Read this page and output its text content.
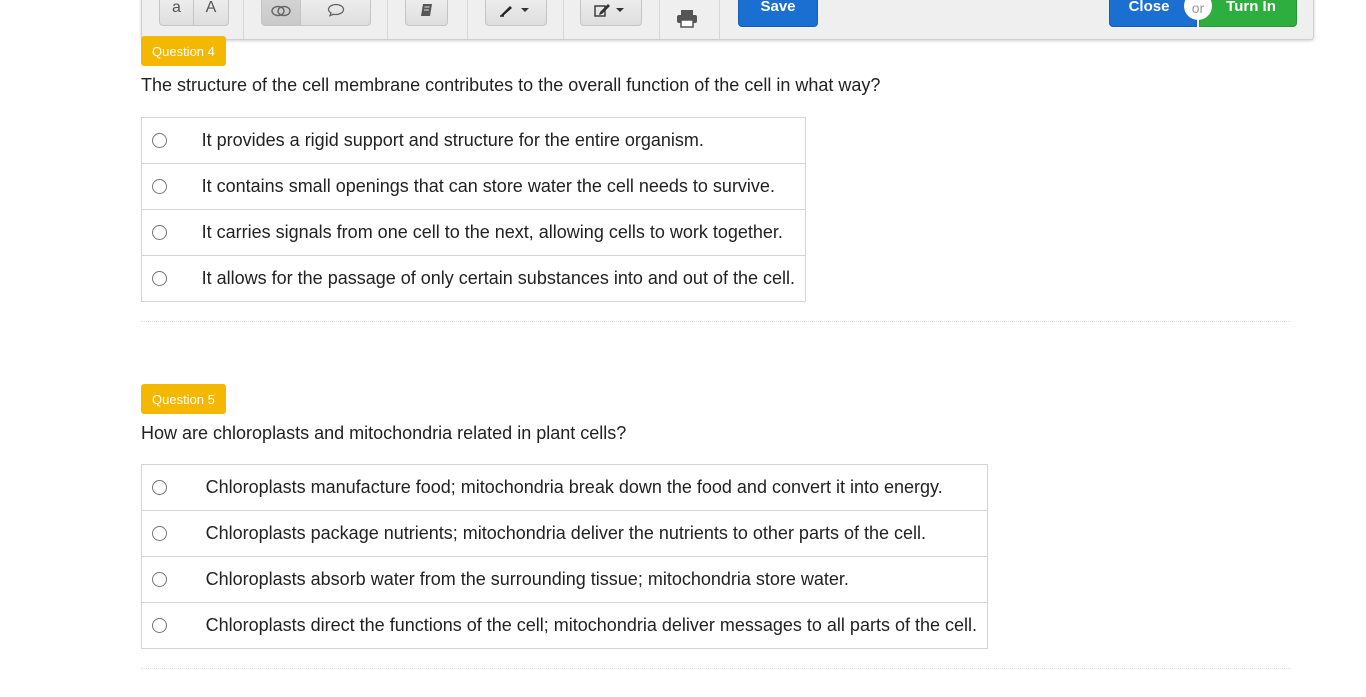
a A	Save	Close	or	Turn In
Question 4
The structure of the cell membrane contributes to the overall function of the cell in what way?
	It provides a rigid support and structure for the entire organism.

	It contains small openings that can store water the cell needs to survive.

	It carries signals from one cell to the next, allowing cells to work together.

	It allows for the passage of only certain substances into and out of the cell.
Question 5
How are chloroplasts and mitochondria related in plant cells?
	Chloroplasts manufacture food; mitochondria break down the food and convert it into energy.

	Chloroplasts package nutrients; mitochondria deliver the nutrients to other parts of the cell.

	Chloroplasts absorb water from the surrounding tissue; mitochondria store water.

	Chloroplasts direct the functions of the cell; mitochondria deliver messages to all parts of the cell.
